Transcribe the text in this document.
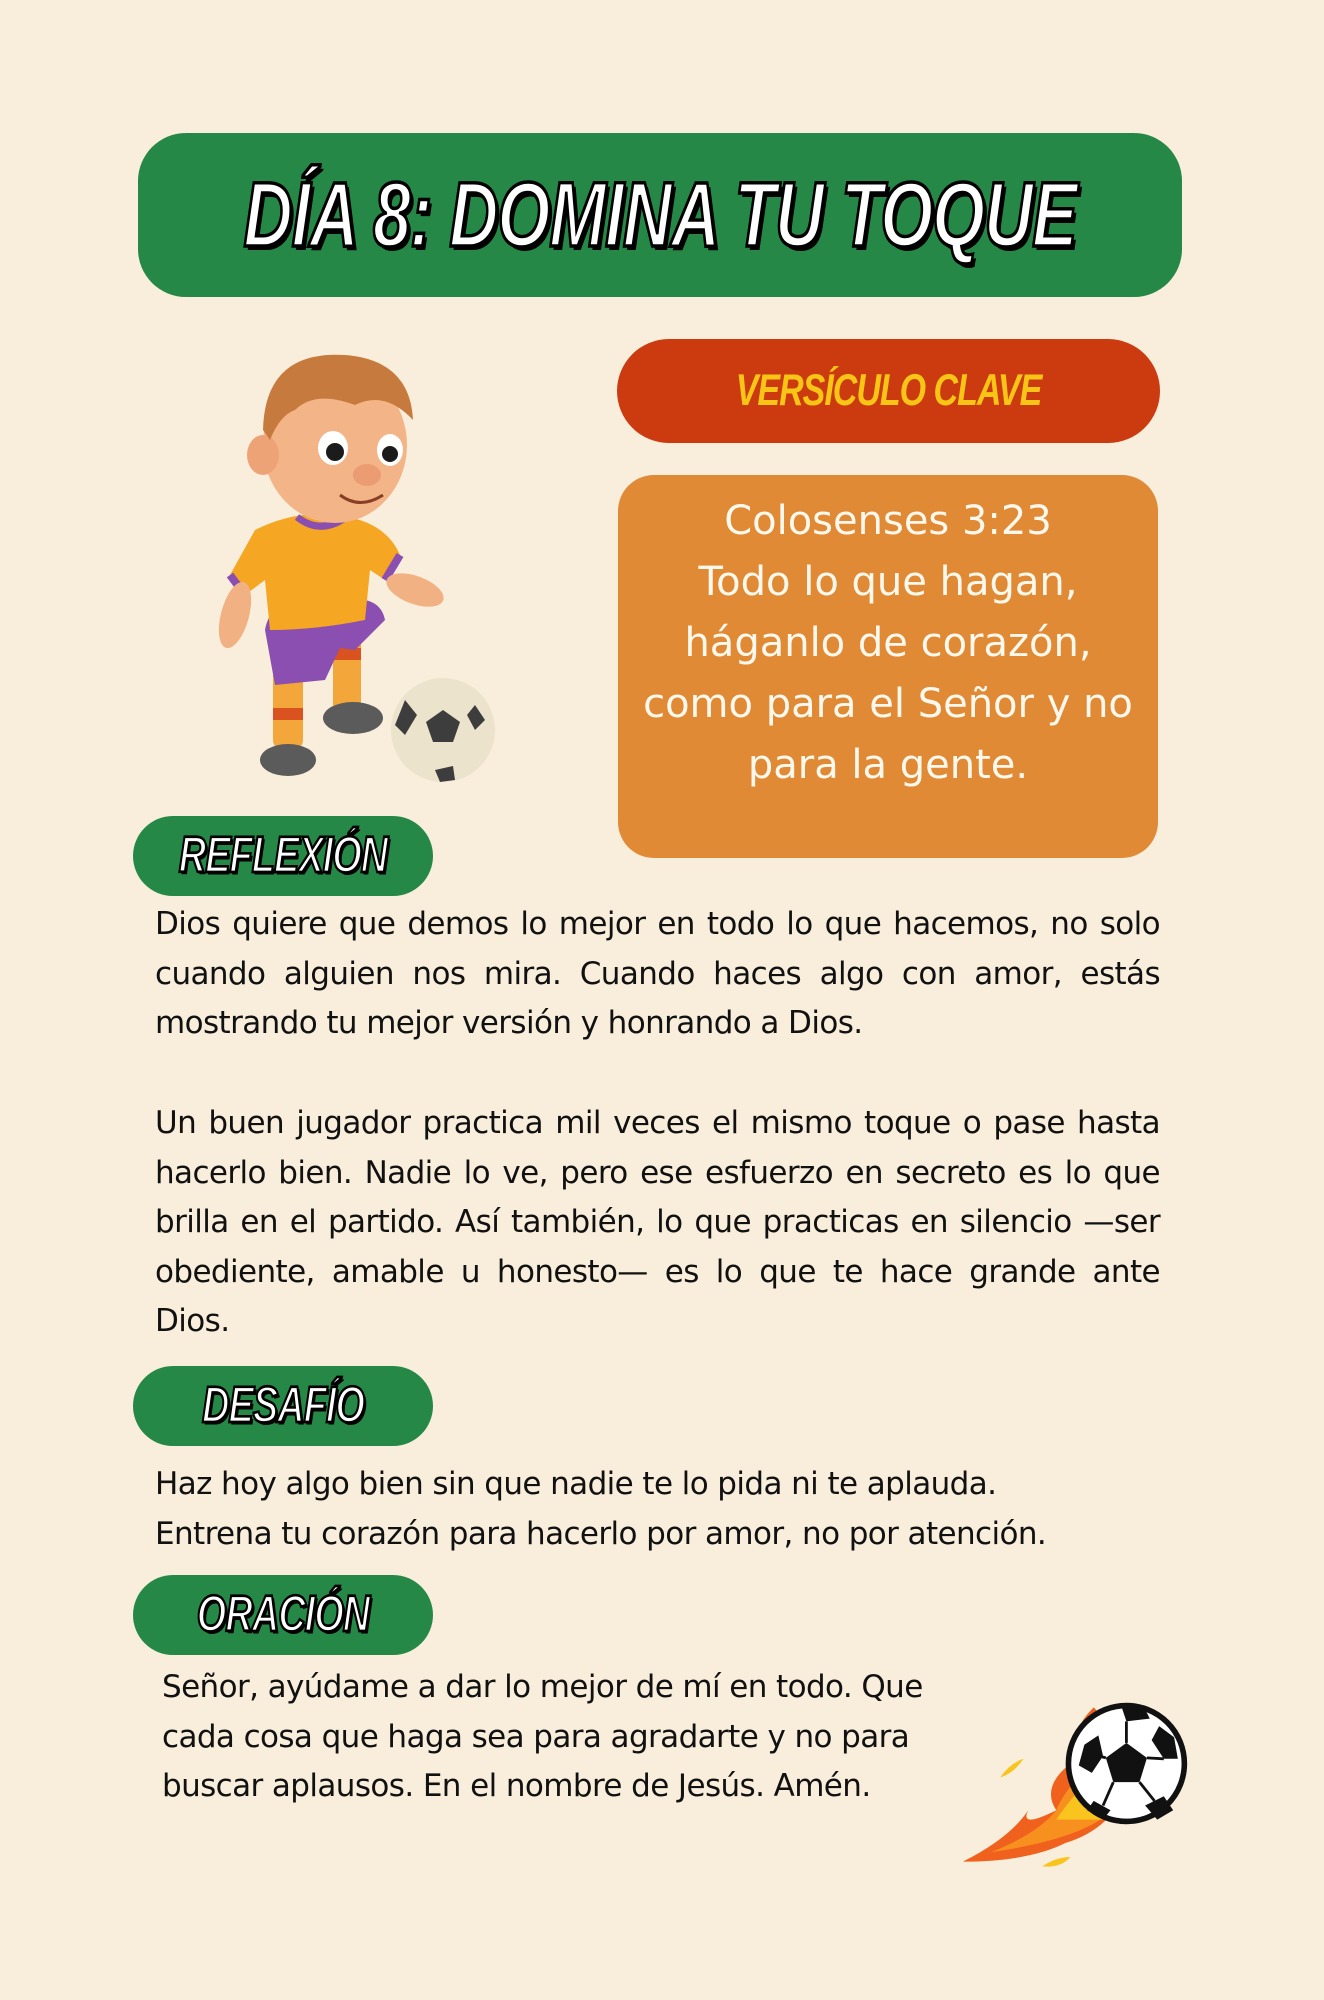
DÍA 8: DOMINA TU TOQUE
VERSÍCULO CLAVE
Colosenses 3:23
Todo lo que hagan, háganlo de corazón, como para el Señor y no para la gente.
REFLEXIÓN

Dios quiere que demos lo mejor en todo lo que hacemos, no solo cuando alguien nos mira. Cuando haces algo con amor, estás mostrando tu mejor versión y honrando a Dios.

Un buen jugador practica mil veces el mismo toque o pase hasta hacerlo bien. Nadie lo ve, pero ese esfuerzo en secreto es lo que brilla en el partido. Así también, lo que practicas en silencio —ser obediente, amable u honesto— es lo que te hace grande ante Dios.

DESAFÍO
Haz hoy algo bien sin que nadie te lo pida ni te aplauda.
Entrena tu corazón para hacerlo por amor, no por atención.
ORACIÓN
Señor, ayúdame a dar lo mejor de mí en todo. Que
cada cosa que haga sea para agradarte y no para
buscar aplausos. En el nombre de Jesús. Amén.
